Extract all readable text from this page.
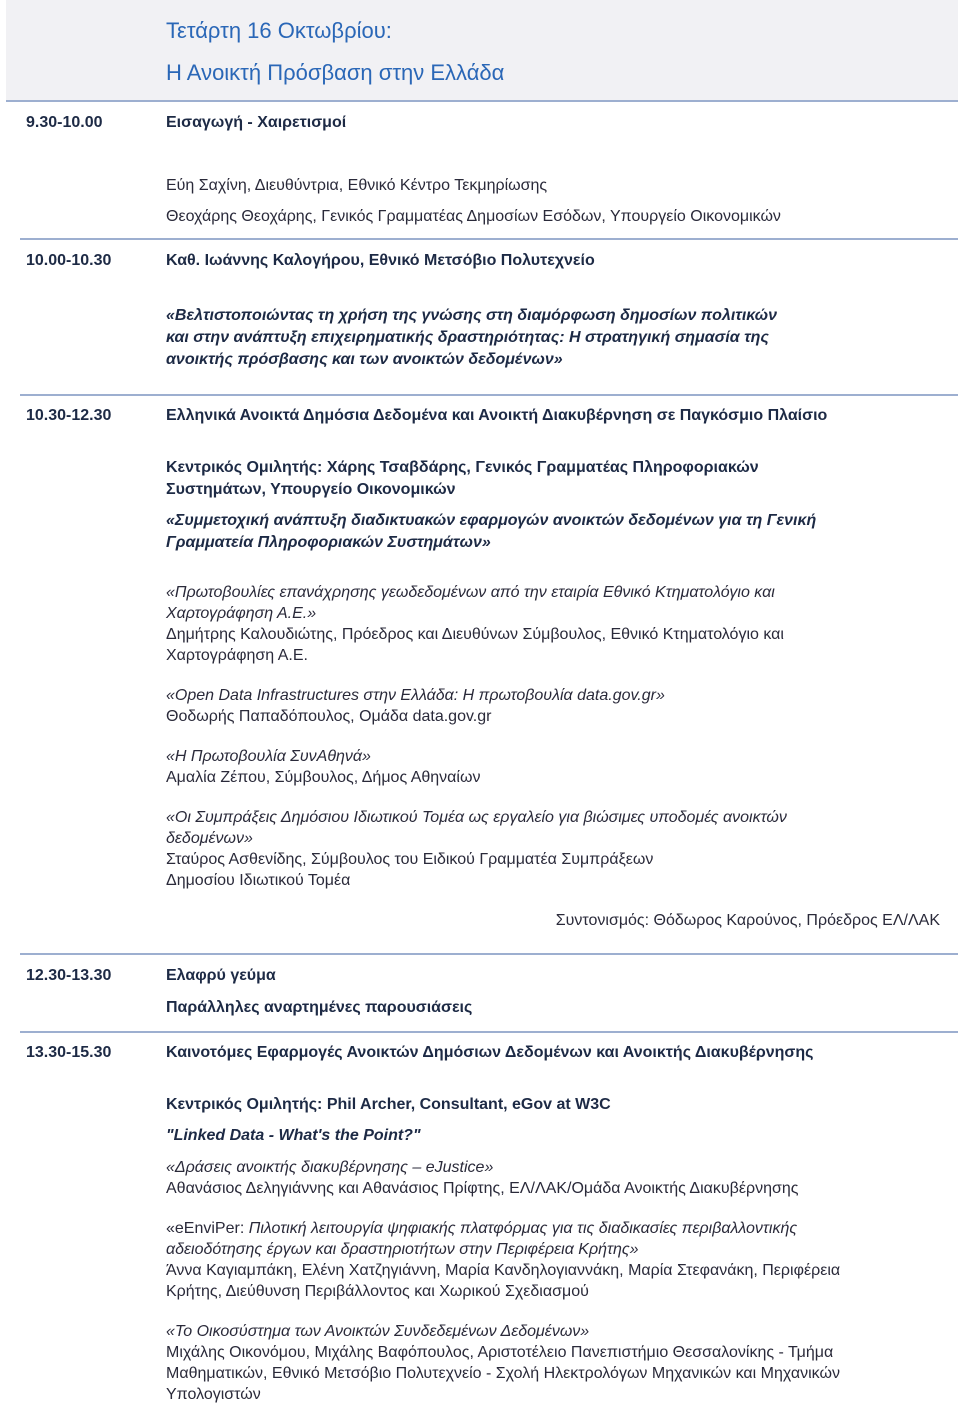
Τετάρτη 16 Οκτωβρίου:
Η Ανοικτή Πρόσβαση στην Ελλάδα
9.30-10.00	Εισαγωγή - Χαιρετισμοί
Εύη Σαχίνη, Διευθύντρια, Εθνικό Κέντρο Τεκμηρίωσης
Θεοχάρης Θεοχάρης, Γενικός Γραμματέας Δημοσίων Εσόδων, Υπουργείο Οικονομικών
10.00-10.30	Καθ. Ιωάννης Καλογήρου, Εθνικό Μετσόβιο Πολυτεχνείο
«Βελτιστοποιώντας τη χρήση της γνώσης στη διαμόρφωση δημοσίων πολιτικών
και στην ανάπτυξη επιχειρηματικής δραστηριότητας: Η στρατηγική σημασία της
ανοικτής πρόσβασης και των ανοικτών δεδομένων»
10.30-12.30	Ελληνικά Ανοικτά Δημόσια Δεδομένα και Ανοικτή Διακυβέρνηση σε Παγκόσμιο Πλαίσιο
Κεντρικός Ομιλητής: Χάρης Τσαβδάρης, Γενικός Γραμματέας Πληροφοριακών
Συστημάτων, Υπουργείο Οικονομικών
«Συμμετοχική ανάπτυξη διαδικτυακών εφαρμογών ανοικτών δεδομένων για τη Γενική
Γραμματεία Πληροφοριακών Συστημάτων»
«Πρωτοβουλίες επανάχρησης γεωδεδομένων από την εταιρία Εθνικό Κτηματολόγιο και
Χαρτογράφηση Α.Ε.»
Δημήτρης Καλουδιώτης, Πρόεδρος και Διευθύνων Σύμβουλος, Εθνικό Κτηματολόγιο και
Χαρτογράφηση Α.Ε.
«Open Data Infrastructures στην Ελλάδα: Η πρωτοβουλία data.gov.gr»
Θοδωρής Παπαδόπουλος, Ομάδα data.gov.gr
«Η Πρωτοβουλία ΣυνΑθηνά»
Αμαλία Ζέπου, Σύμβουλος, Δήμος Αθηναίων
«Οι Συμπράξεις Δημόσιου Ιδιωτικού Τομέα ως εργαλείο για βιώσιμες υποδομές ανοικτών
δεδομένων»
Σταύρος Ασθενίδης, Σύμβουλος του Ειδικού Γραμματέα Συμπράξεων
Δημοσίου Ιδιωτικού Τομέα
Συντονισμός: Θόδωρος Καρούνος, Πρόεδρος ΕΛ/ΛΑΚ
12.30-13.30	Ελαφρύ γεύμα
Παράλληλες αναρτημένες παρουσιάσεις
13.30-15.30	Καινοτόμες Εφαρμογές Ανοικτών Δημόσιων Δεδομένων και Ανοικτής Διακυβέρνησης
Κεντρικός Ομιλητής: Phil Archer, Consultant, eGov at W3C
"Linked Data - What's the Point?"
«Δράσεις ανοικτής διακυβέρνησης – eJustice»
Αθανάσιος Δεληγιάννης και Αθανάσιος Πρίφτης, ΕΛ/ΛΑΚ/Ομάδα Ανοικτής Διακυβέρνησης
«eEnviPer: Πιλοτική λειτουργία ψηφιακής πλατφόρμας για τις διαδικασίες περιβαλλοντικής
αδειοδότησης έργων και δραστηριοτήτων στην Περιφέρεια Κρήτης»
Άννα Καγιαμπάκη, Ελένη Χατζηγιάννη, Μαρία Κανδηλογιαννάκη, Μαρία Στεφανάκη, Περιφέρεια
Κρήτης, Διεύθυνση Περιβάλλοντος και Χωρικού Σχεδιασμού
«Το Οικοσύστημα των Ανοικτών Συνδεδεμένων Δεδομένων»
Μιχάλης Οικονόμου, Μιχάλης Βαφόπουλος, Αριστοτέλειο Πανεπιστήμιο Θεσσαλονίκης - Τμήμα
Μαθηματικών, Εθνικό Μετσόβιο Πολυτεχνείο - Σχολή Ηλεκτρολόγων Μηχανικών και Μηχανικών
Υπολογιστών
